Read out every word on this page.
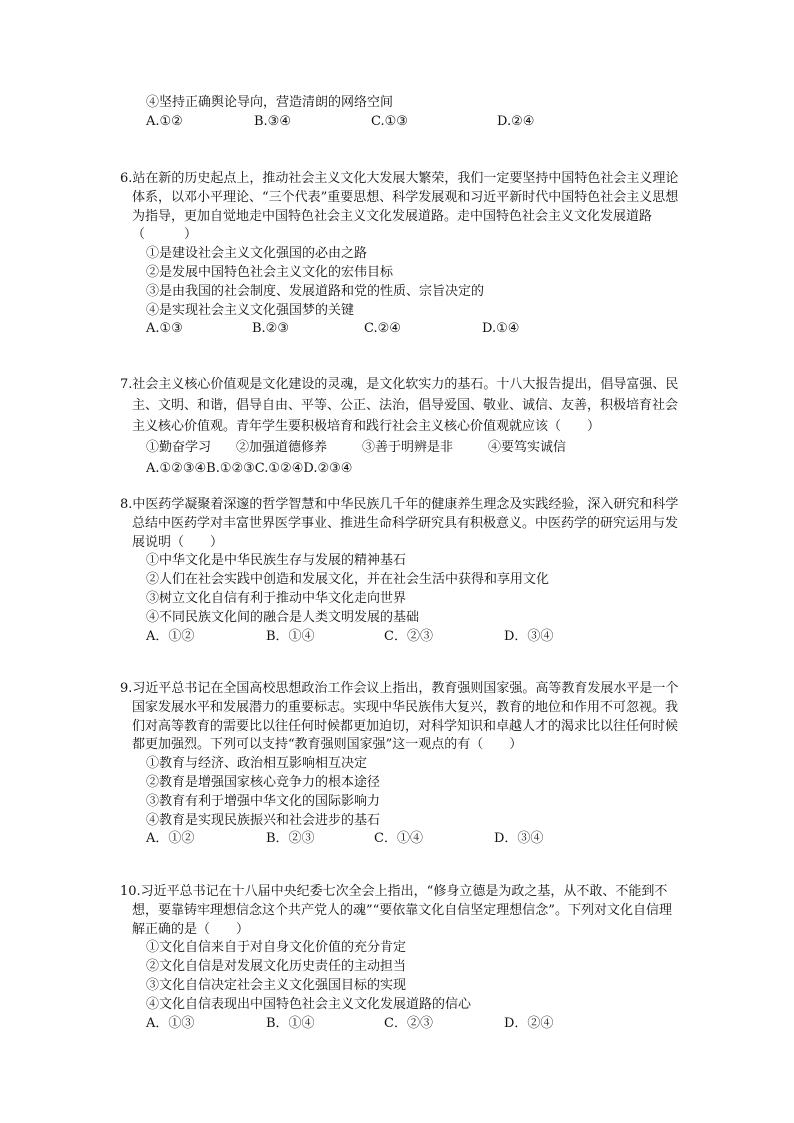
④坚持正确舆论导向，营造清朗的网络空间
A.①②	B.③④	C.①③	D.②④
6.站在新的历史起点上，推动社会主义文化大发展大繁荣，我们一定要坚持中国特色社会主义理论体系，以邓小平理论、“三个代表”重要思想、科学发展观和习近平新时代中国特色社会主义思想为指导，更加自觉地走中国特色社会主义文化发展道路。走中国特色社会主义文化发展道路（　　　）
①是建设社会主义文化强国的必由之路
②是发展中国特色社会主义文化的宏伟目标
③是由我国的社会制度、发展道路和党的性质、宗旨决定的
④是实现社会主义文化强国梦的关键
A.①③	B.②③	C.②④	D.①④
7.社会主义核心价值观是文化建设的灵魂，是文化软实力的基石。十八大报告提出，倡导富强、民主、文明、和谐，倡导自由、平等、公正、法治，倡导爱国、敬业、诚信、友善，积极培育社会主义核心价值观。青年学生要积极培育和践行社会主义核心价值观就应该（　　）
①勤奋学习 ②加强道德修养	③善于明辨是非	④要笃实诚信
A.①②③④B.①②③C.①②④D.②③④
8.中医药学凝聚着深邃的哲学智慧和中华民族几千年的健康养生理念及实践经验，深入研究和科学总结中医药学对丰富世界医学事业、推进生命科学研究具有积极意义。中医药学的研究运用与发展说明（　　）
①中华文化是中华民族生存与发展的精神基石
②人们在社会实践中创造和发展文化，并在社会生活中获得和享用文化
③树立文化自信有利于推动中华文化走向世界
④不同民族文化间的融合是人类文明发展的基础
A．①②	B．①④	C．②③	D．③④
9.习近平总书记在全国高校思想政治工作会议上指出，教育强则国家强。高等教育发展水平是一个国家发展水平和发展潜力的重要标志。实现中华民族伟大复兴，教育的地位和作用不可忽视。我们对高等教育的需要比以往任何时候都更加迫切，对科学知识和卓越人才的渴求比以往任何时候都更加强烈。下列可以支持“教育强则国家强”这一观点的有（　　）
①教育与经济、政治相互影响相互决定
②教育是增强国家核心竞争力的根本途径
③教育有利于增强中华文化的国际影响力
④教育是实现民族振兴和社会进步的基石
A．①②	B．②③	C．①④	D．③④
10.习近平总书记在十八届中央纪委七次全会上指出，“修身立德是为政之基，从不敢、不能到不想，要靠铸牢理想信念这个共产党人的魂”“要依靠文化自信坚定理想信念”。下列对文化自信理解正确的是（　　）
①文化自信来自于对自身文化价值的充分肯定
②文化自信是对发展文化历史责任的主动担当
③文化自信决定社会主义文化强国目标的实现
④文化自信表现出中国特色社会主义文化发展道路的信心
A．①③	B．①④	C．②③	D．②④
